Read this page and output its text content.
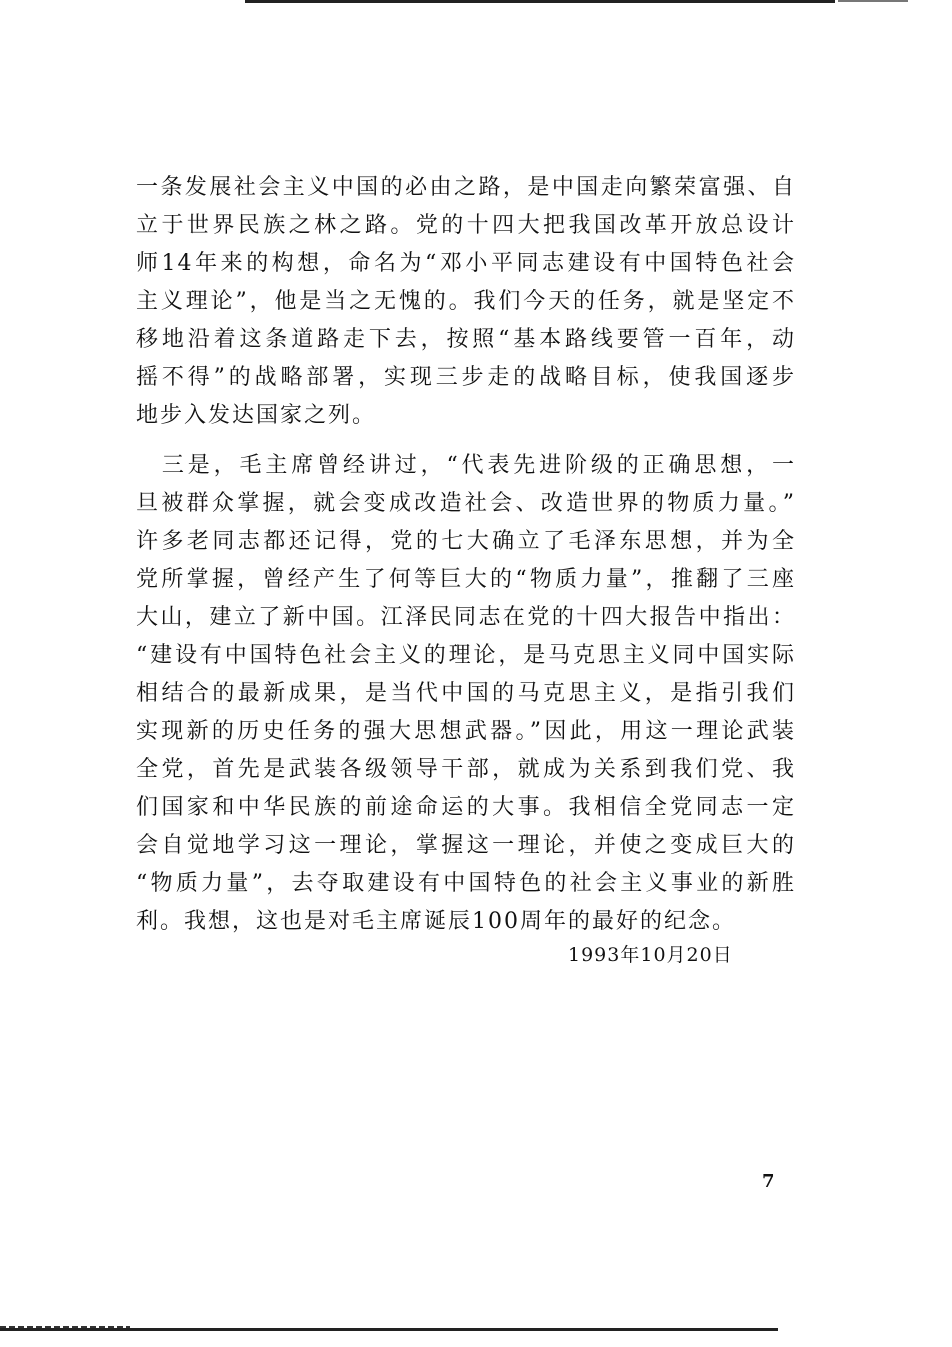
一条发展社会主义中国的必由之路，是中国走向繁荣富强、自
立于世界民族之林之路。党的十四大把我国改革开放总设计
师14年来的构想，命名为“邓小平同志建设有中国特色社会
主义理论”，他是当之无愧的。我们今天的任务，就是坚定不
移地沿着这条道路走下去，按照“基本路线要管一百年，动
摇不得”的战略部署，实现三步走的战略目标，使我国逐步
地步入发达国家之列。
　三是，毛主席曾经讲过，“代表先进阶级的正确思想，一
旦被群众掌握，就会变成改造社会、改造世界的物质力量。”
许多老同志都还记得，党的七大确立了毛泽东思想，并为全
党所掌握，曾经产生了何等巨大的“物质力量”，推翻了三座
大山，建立了新中国。江泽民同志在党的十四大报告中指出：
“建设有中国特色社会主义的理论，是马克思主义同中国实际
相结合的最新成果，是当代中国的马克思主义，是指引我们
实现新的历史任务的强大思想武器。”因此，用这一理论武装
全党，首先是武装各级领导干部，就成为关系到我们党、我
们国家和中华民族的前途命运的大事。我相信全党同志一定
会自觉地学习这一理论，掌握这一理论，并使之变成巨大的
“物质力量”，去夺取建设有中国特色的社会主义事业的新胜
利。我想，这也是对毛主席诞辰100周年的最好的纪念。
1993年10月20日
7
